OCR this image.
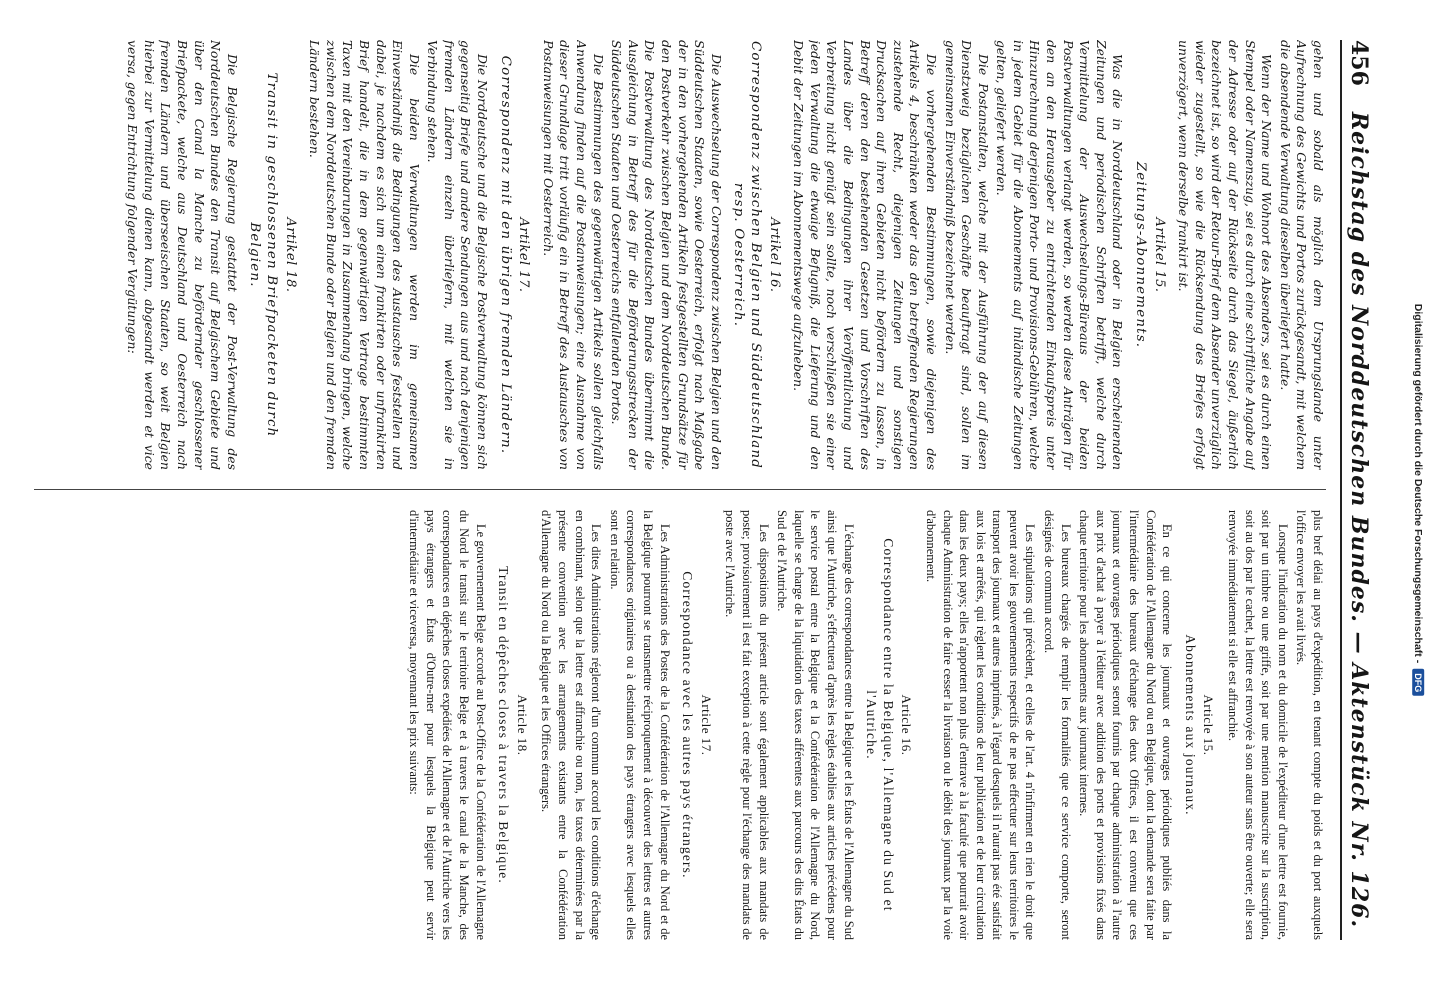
456
Reichstag des Norddeutschen Bundes. — Aktenstück Nr. 126.

gehen und sobald als möglich dem Ursprungslande unter Aufrechnung des Gewichts und Portos zurückgesandt, mit welchem die absendende Verwaltung dieselben überliefert hatte.

Wenn der Name und Wohnort des Absenders, sei es durch einen Stempel oder Namenszug, sei es durch eine schriftliche Angabe auf der Adresse oder auf der Rückseite durch das Siegel, äußerlich bezeichnet ist, so wird der Retour-Brief dem Absender unverzüglich wieder zugestellt, so wie die Rücksendung des Briefes erfolgt unverzögert, wenn derselbe frankirt ist.

Artikel 15.
Zeitungs-Abonnements.

Was die in Norddeutschland oder in Belgien erscheinenden Zeitungen und periodischen Schriften betrifft, welche durch Vermittelung der Auswechselungs-Büreaus der beiden Postverwaltungen verlangt werden, so werden diese Anträgen für den an den Herausgeber zu entrichtenden Einkaufspreis unter Hinzurechnung derjenigen Porto- und Provisions-Gebühren, welche in jedem Gebiet für die Abonnements auf inländische Zeitungen gelten, geliefert werden.

Die Postanstalten, welche mit der Ausführung der auf diesen Dienstzweig bezüglichen Geschäfte beauftragt sind, sollen im gemeinsamen Einverständniß bezeichnet werden.

Die vorhergehenden Bestimmungen, sowie diejenigen des Artikels 4, beschränken weder das den betreffenden Regierungen zustehende Recht, diejenigen Zeitungen und sonstigen Drucksachen auf ihren Gebieten nicht befördern zu lassen, in Betreff deren den bestehenden Gesetzen und Vorschriften des Landes über die Bedingungen ihrer Veröffentlichung und Verbreitung nicht genügt sein sollte, noch verschließen sie einer jeden Verwaltung die etwaige Befugniß, die Lieferung und den Debit der Zeitungen im Abonnementswege aufzuheben.

Artikel 16.
Correspondenz zwischen Belgien und Süddeutschland resp. Oesterreich.

Die Auswechselung der Correspondenz zwischen Belgien und den Süddeutschen Staaten, sowie Oesterreich, erfolgt nach Maßgabe der in den vorhergehenden Artikeln festgestellten Grundsätze für den Postverkehr zwischen Belgien und dem Norddeutschen Bunde. Die Postverwaltung des Norddeutschen Bundes übernimmt die Ausgleichung in Betreff des für die Beförderungsstrecken der Süddeutschen Staaten und Oesterreichs entfallenden Portos.

Die Bestimmungen des gegenwärtigen Artikels sollen gleichfalls Anwendung finden auf die Postanweisungen; eine Ausnahme von dieser Grundlage tritt vorläufig ein in Betreff des Austausches von Postanweisungen mit Oesterreich.

Artikel 17.
Correspondenz mit den übrigen fremden Ländern.

Die Norddeutsche und die Belgische Postverwaltung können sich gegenseitig Briefe und andere Sendungen aus und nach denjenigen fremden Ländern einzeln überliefern, mit welchen sie in Verbindung stehen.

Die beiden Verwaltungen werden im gemeinsamen Einverständniß die Bedingungen des Austausches feststellen und dabei, je nachdem es sich um einen frankirten oder unfrankirten Brief handelt, die in dem gegenwärtigen Vertrage bestimmten Taxen mit den Vereinbarungen in Zusammenhang bringen, welche zwischen dem Norddeutschen Bunde oder Belgien und den fremden Ländern bestehen.

Artikel 18.
Transit in geschlossenen Briefpacketen durch Belgien.

Die Belgische Regierung gestattet der Post-Verwaltung des Norddeutschen Bundes den Transit auf Belgischem Gebiete und über den Canal la Manche zu befördernder geschlossener Briefpackete, welche aus Deutschland und Oesterreich nach fremden Ländern und überseeischen Staaten, so weit Belgien hierbei zur Vermittelung dienen kann, abgesandt werden et vice versa, gegen Entrichtung folgender Vergütungen:

plus bref délai au pays d'expédition, en tenant compte du poids et du port auxquels l'office envoyer les avait livrés.

Lorsque l'indication du nom et du domicile de l'expéditeur d'une lettre est fournie, soit par un timbre ou une griffe, soit par une mention manuscrite sur la suscription, soit au dos par le cachet, la lettre est renvoyée à son auteur sans être ouverte; elle sera renvoyée immédiatement si elle est affranchie.

Article 15.
Abonnements aux journaux.

En ce qui concerne les journaux et ouvrages périodiques publiés dans la Confédération de l'Allemagne du Nord ou en Belgique, dont la demande sera faite par l'intermédiaire des bureaux d'échange des deux Offices, il est convenu que ces journaux et ouvrages périodiques seront fournis par chaque administration à l'autre aux prix d'achat à payer à l'éditeur avec addition des ports et provisions fixés dans chaque territoire pour les abonnements aux journaux internes.

Les bureaux chargés de remplir les formalités que ce service comporte, seront désignés de commun accord.

Les stipulations qui précèdent, et celles de l'art. 4 n'infirment en rien le droit que peuvent avoir les gouvernements respectifs de ne pas effectuer sur leurs territoires le transport des journaux et autres imprimés, à l'égard desquels il n'aurait pas été satisfait aux lois et arrêtés, qui règlent les conditions de leur publication et de leur circulation dans les deux pays; elles n'apportent non plus d'entrave à la faculté que pourrait avoir chaque Administration de faire cesser la livraison ou le débit des journaux par la voie d'abonnement.

Article 16.
Correspondance entre la Belgique, l'Allemagne du Sud et l'Autriche.

L'échange des correspondances entre la Belgique et les États de l'Allemagne du Sud ainsi que l'Autriche, s'effectuera d'après les règles établies aux articles précédens pour le service postal entre la Belgique et la Confédération de l'Allemagne du Nord, laquelle se charge de la liquidation des taxes afférentes aux parcours des dits États du Sud et de l'Autriche.

Les dispositions du présent article sont également applicables aux mandats de poste; provisoirement il est fait exception à cette règle pour l'échange des mandats de poste avec l'Autriche.

Article 17.
Correspondance avec les autres pays étrangers.

Les Administrations des Postes de la Confédération de l'Allemagne du Nord et de la Belgique pourront se transmettre réciproquement à découvert des lettres et autres correspondances originaires ou à destination des pays étrangers avec lesquels elles sont en relation.

Les dites Administrations régleront d'un commun accord les conditions d'échange en combinant, selon que la lettre est affranchie ou non, les taxes déterminées par la présente convention avec les arrangements existants entre la Confédération d'Allemagne du Nord ou la Belgique et les Offices étrangers.

Article 18.
Transit en dépêches closes à travers la Belgique.

Le gouvernement Belge accorde au Post-Office de la Confédération de l'Allemagne du Nord le transit sur le territoire Belge et à travers le canal de la Manche, des correspondances en dépêches closes expédiées de l'Allemagne et de l'Autriche vers les pays étrangers et États d'Outre-mer pour lesquels la Belgique peut servir d'intermédiaire et viceversa, moyennant les prix suivants:	Digitalisierung gefördert durch die Deutsche Forschungsgemeinschaft -
DFG
